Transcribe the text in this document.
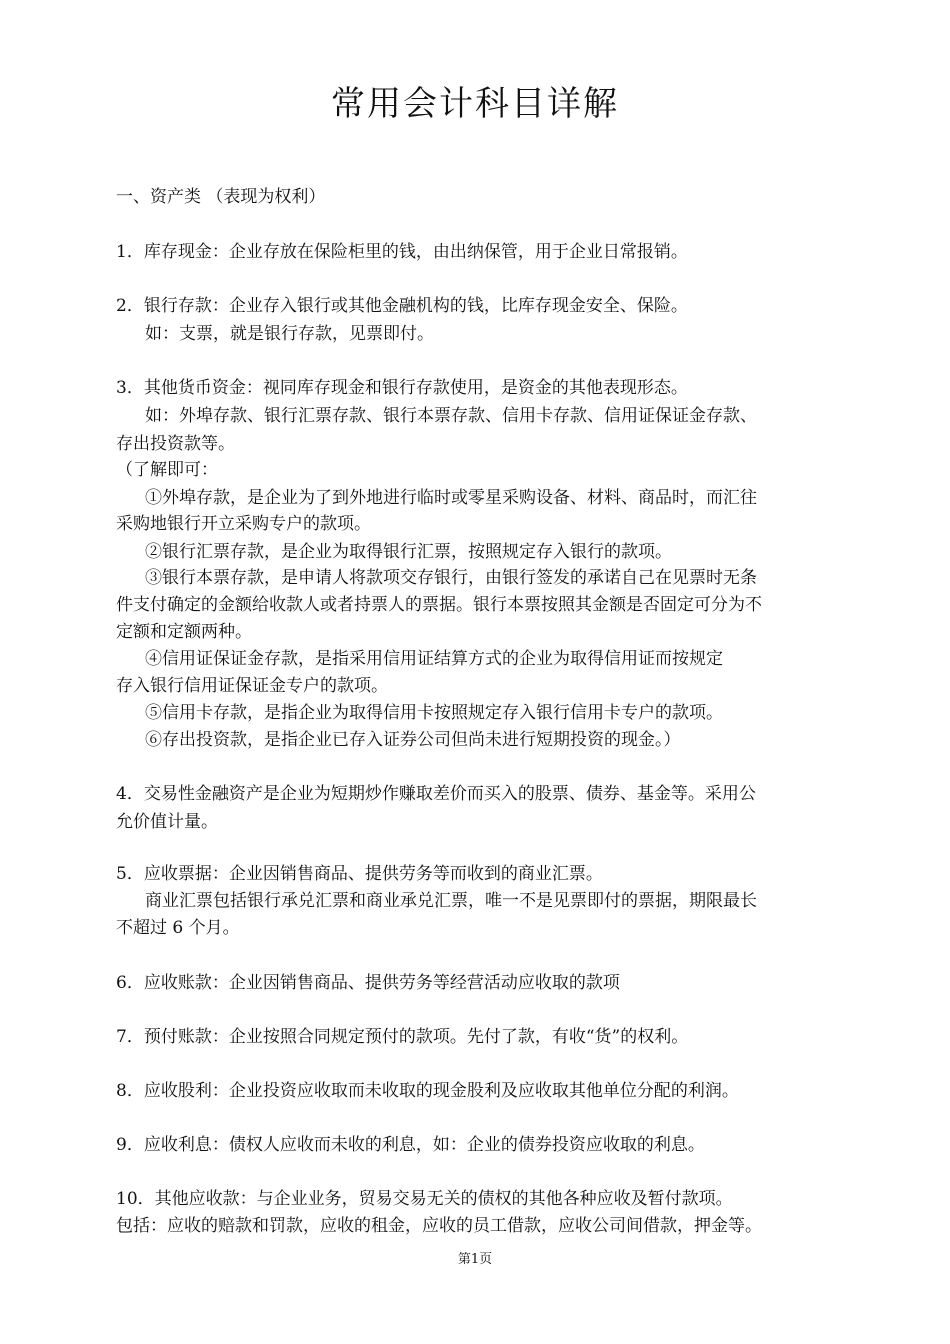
常用会计科目详解
一、资产类 （表现为权利）
1．库存现金：企业存放在保险柜里的钱，由出纳保管，用于企业日常报销。
2．银行存款：企业存入银行或其他金融机构的钱，比库存现金安全、保险。
如：支票，就是银行存款，见票即付。
3．其他货币资金：视同库存现金和银行存款使用，是资金的其他表现形态。
如：外埠存款、银行汇票存款、银行本票存款、信用卡存款、信用证保证金存款、
存出投资款等。
（了解即可：
①外埠存款，是企业为了到外地进行临时或零星采购设备、材料、商品时，而汇往
采购地银行开立采购专户的款项。
②银行汇票存款，是企业为取得银行汇票，按照规定存入银行的款项。
③银行本票存款，是申请人将款项交存银行，由银行签发的承诺自己在见票时无条
件支付确定的金额给收款人或者持票人的票据。银行本票按照其金额是否固定可分为不
定额和定额两种。
④信用证保证金存款，是指采用信用证结算方式的企业为取得信用证而按规定
存入银行信用证保证金专户的款项。
⑤信用卡存款，是指企业为取得信用卡按照规定存入银行信用卡专户的款项。
⑥存出投资款，是指企业已存入证券公司但尚未进行短期投资的现金。）
4．交易性金融资产是企业为短期炒作赚取差价而买入的股票、债券、基金等。采用公
允价值计量。
5．应收票据：企业因销售商品、提供劳务等而收到的商业汇票。
商业汇票包括银行承兑汇票和商业承兑汇票，唯一不是见票即付的票据，期限最长
不超过 6 个月。
6．应收账款：企业因销售商品、提供劳务等经营活动应收取的款项
7．预付账款：企业按照合同规定预付的款项。先付了款，有收“货”的权利。
8．应收股利：企业投资应收取而未收取的现金股利及应收取其他单位分配的利润。
9．应收利息：债权人应收而未收的利息，如：企业的债券投资应收取的利息。
10．其他应收款：与企业业务，贸易交易无关的债权的其他各种应收及暂付款项。
包括：应收的赔款和罚款，应收的租金，应收的员工借款，应收公司间借款，押金等。
第1页
